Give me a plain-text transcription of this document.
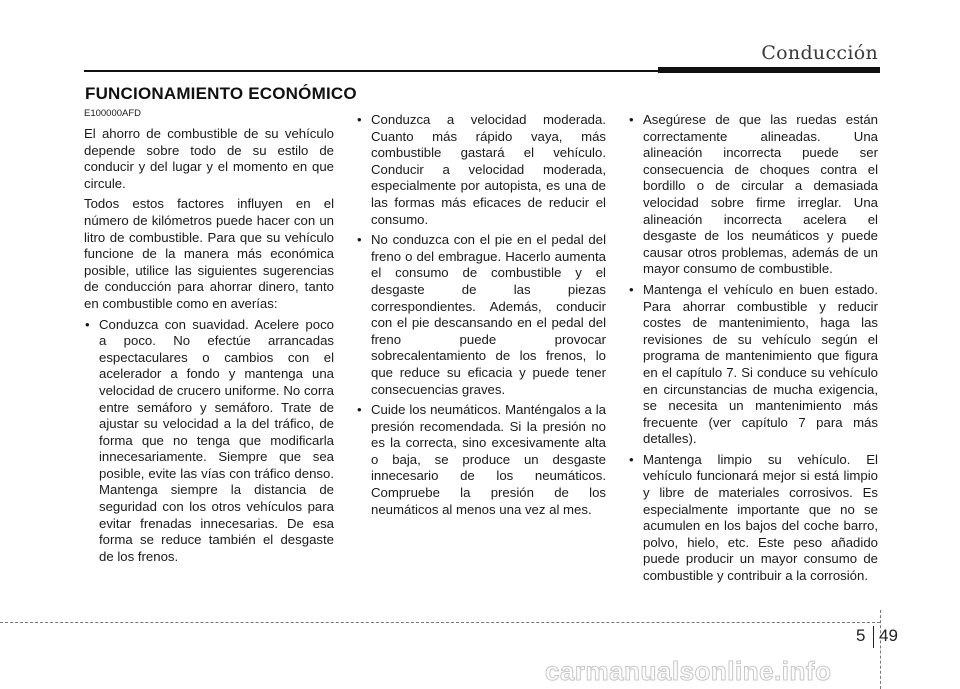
Conducción
FUNCIONAMIENTO ECONÓMICO

E100000AFD

El ahorro de combustible de su vehículo depende sobre todo de su estilo de conducir y del lugar y el momento en que circule.

Todos estos factores influyen en el número de kilómetros puede hacer con un litro de combustible. Para que su vehículo funcione de la manera más económica posible, utilice las siguientes sugerencias de conducción para ahorrar dinero, tanto en combustible como en averías:

• Conduzca con suavidad. Acelere poco a poco. No efectúe arrancadas espectaculares o cambios con el acelerador a fondo y mantenga una velocidad de crucero uniforme. No corra entre semáforo y semáforo. Trate de ajustar su velocidad a la del tráfico, de forma que no tenga que modificarla innecesariamente. Siempre que sea posible, evite las vías con tráfico denso. Mantenga siempre la distancia de seguridad con los otros vehículos para evitar frenadas innecesarias. De esa forma se reduce también el desgaste de los frenos.
• Conduzca a velocidad moderada. Cuanto más rápido vaya, más combustible gastará el vehículo. Conducir a velocidad moderada, especialmente por autopista, es una de las formas más eficaces de reducir el consumo.
• No conduzca con el pie en el pedal del freno o del embrague. Hacerlo aumenta el consumo de combustible y el desgaste de las piezas correspondientes. Además, conducir con el pie descansando en el pedal del freno puede provocar sobrecalentamiento de los frenos, lo que reduce su eficacia y puede tener consecuencias graves.
• Cuide los neumáticos. Manténgalos a la presión recomendada. Si la presión no es la correcta, sino excesivamente alta o baja, se produce un desgaste innecesario de los neumáticos. Compruebe la presión de los neumáticos al menos una vez al mes.
• Asegúrese de que las ruedas están correctamente alineadas. Una alineación incorrecta puede ser consecuencia de choques contra el bordillo o de circular a demasiada velocidad sobre firme irreglar. Una alineación incorrecta acelera el desgaste de los neumáticos y puede causar otros problemas, además de un mayor consumo de combustible.
• Mantenga el vehículo en buen estado. Para ahorrar combustible y reducir costes de mantenimiento, haga las revisiones de su vehículo según el programa de mantenimiento que figura en el capítulo 7. Si conduce su vehículo en circunstancias de mucha exigencia, se necesita un mantenimiento más frecuente (ver capítulo 7 para más detalles).
• Mantenga limpio su vehículo. El vehículo funcionará mejor si está limpio y libre de materiales corrosivos. Es especialmente importante que no se acumulen en los bajos del coche barro, polvo, hielo, etc. Este peso añadido puede producir un mayor consumo de combustible y contribuir a la corrosión.
5 49
carmanualsonline.info
